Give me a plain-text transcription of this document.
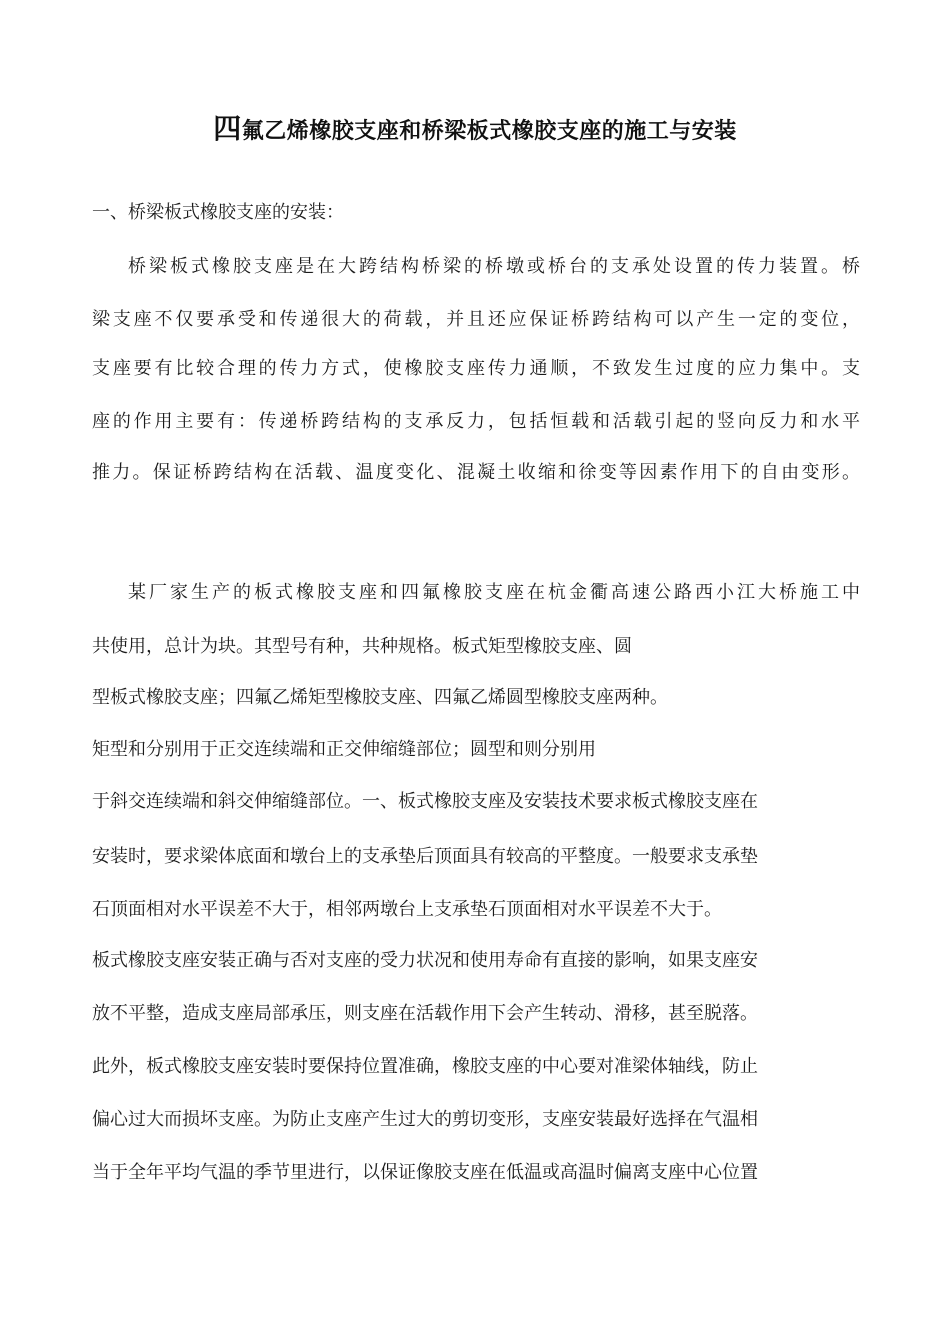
四氟乙烯橡胶支座和桥梁板式橡胶支座的施工与安装
一、桥梁板式橡胶支座的安装：
桥梁板式橡胶支座是在大跨结构桥梁的桥墩或桥台的支承处设置的传力装置。桥
梁支座不仅要承受和传递很大的荷载，并且还应保证桥跨结构可以产生一定的变位，
支座要有比较合理的传力方式，使橡胶支座传力通顺，不致发生过度的应力集中。支
座的作用主要有：传递桥跨结构的支承反力，包括恒载和活载引起的竖向反力和水平
推力。保证桥跨结构在活载、温度变化、混凝土收缩和徐变等因素作用下的自由变形。
某厂家生产的板式橡胶支座和四氟橡胶支座在杭金衢高速公路西小江大桥施工中
共使用，总计为块。其型号有种，共种规格。板式矩型橡胶支座、圆
型板式橡胶支座；四氟乙烯矩型橡胶支座、四氟乙烯圆型橡胶支座两种。
矩型和分别用于正交连续端和正交伸缩缝部位；圆型和则分别用
于斜交连续端和斜交伸缩缝部位。一、板式橡胶支座及安装技术要求板式橡胶支座在
安装时，要求梁体底面和墩台上的支承垫后顶面具有较高的平整度。一般要求支承垫
石顶面相对水平误差不大于，相邻两墩台上支承垫石顶面相对水平误差不大于。
板式橡胶支座安装正确与否对支座的受力状况和使用寿命有直接的影响，如果支座安
放不平整，造成支座局部承压，则支座在活载作用下会产生转动、滑移，甚至脱落。
此外，板式橡胶支座安装时要保持位置准确，橡胶支座的中心要对准梁体轴线，防止
偏心过大而损坏支座。为防止支座产生过大的剪切变形，支座安装最好选择在气温相
当于全年平均气温的季节里进行，以保证像胶支座在低温或高温时偏离支座中心位置
